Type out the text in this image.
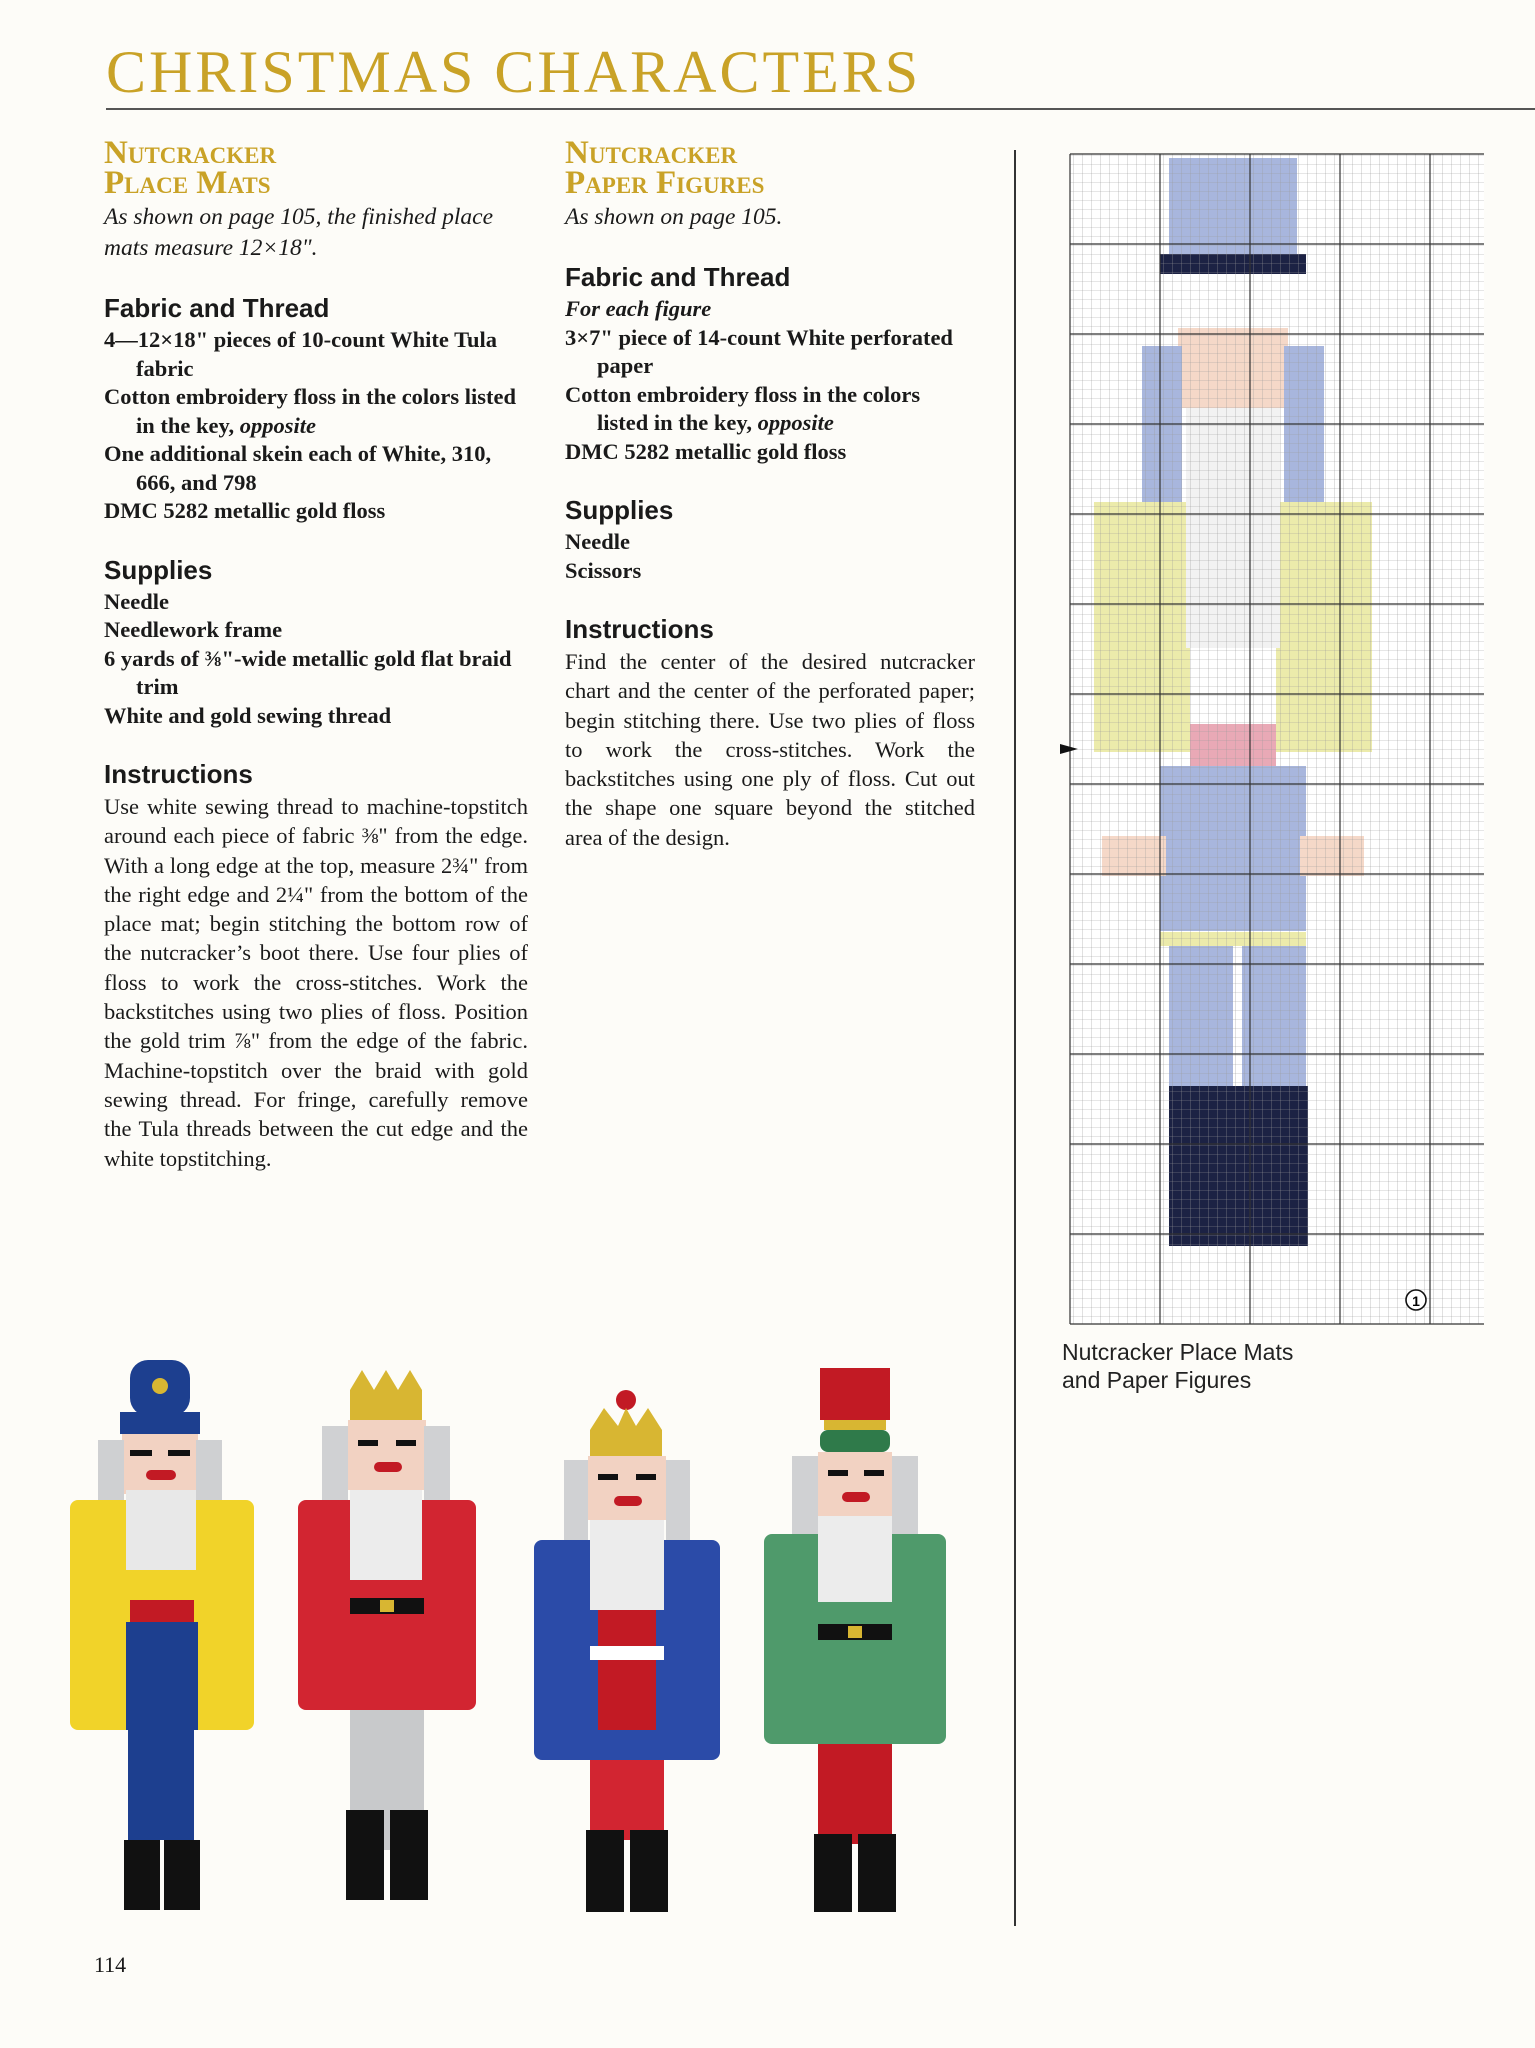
CHRISTMAS CHARACTERS
Nutcracker
Place Mats

As shown on page 105, the finished place mats measure 12×18".

Fabric and Thread
4—12×18" pieces of 10-count White Tula fabric
Cotton embroidery floss in the colors listed in the key, opposite
One additional skein each of White, 310, 666, and 798
DMC 5282 metallic gold floss
Supplies
Needle
Needlework frame
6 yards of ⅜"-wide metallic gold flat braid trim
White and gold sewing thread
Instructions

Use white sewing thread to machine-topstitch around each piece of fabric ⅜" from the edge. With a long edge at the top, measure 2¾" from the right edge and 2¼" from the bottom of the place mat; begin stitching the bottom row of the nutcracker’s boot there. Use four plies of floss to work the cross-stitches. Work the backstitches using two plies of floss. Position the gold trim ⅞" from the edge of the fabric. Machine-topstitch over the braid with gold sewing thread. For fringe, carefully remove the Tula threads between the cut edge and the white topstitching.

Nutcracker
Paper Figures

As shown on page 105.

Fabric and Thread
For each figure
3×7" piece of 14-count White perforated paper
Cotton embroidery floss in the colors listed in the key, opposite
DMC 5282 metallic gold floss
Supplies
Needle
Scissors
Instructions

Find the center of the desired nutcracker chart and the center of the perforated paper; begin stitching there. Use two plies of floss to work the cross-stitches. Work the backstitches using one ply of floss. Cut out the shape one square beyond the stitched area of the design.

1
Nutcracker Place Mats
and Paper Figures
114
